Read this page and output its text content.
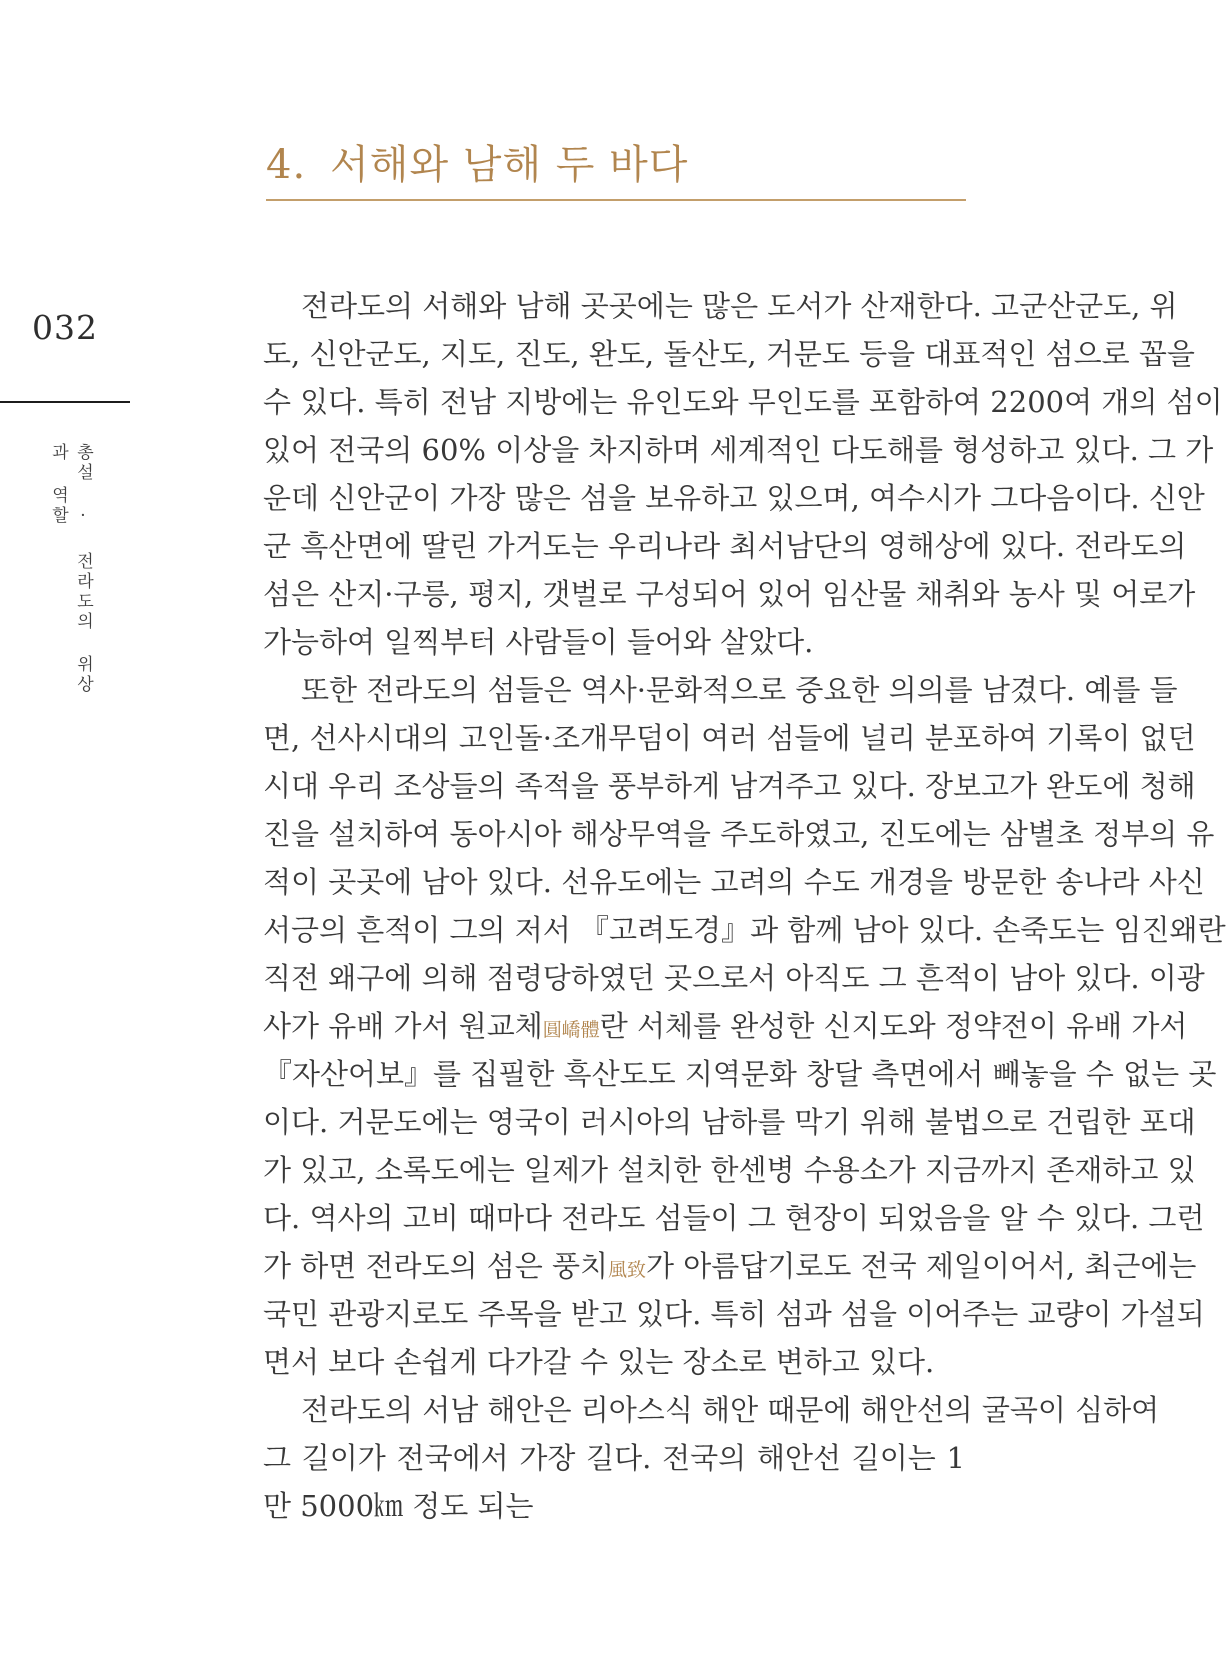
4. 서해와 남해 두 바다
032
총설 · 전라도의 위상과 역할
전라도의 서해와 남해 곳곳에는 많은 도서가 산재한다. 고군산군도, 위
도, 신안군도, 지도, 진도, 완도, 돌산도, 거문도 등을 대표적인 섬으로 꼽을
수 있다. 특히 전남 지방에는 유인도와 무인도를 포함하여 2200여 개의 섬이
있어 전국의 60% 이상을 차지하며 세계적인 다도해를 형성하고 있다. 그 가
운데 신안군이 가장 많은 섬을 보유하고 있으며, 여수시가 그다음이다. 신안
군 흑산면에 딸린 가거도는 우리나라 최서남단의 영해상에 있다. 전라도의
섬은 산지·구릉, 평지, 갯벌로 구성되어 있어 임산물 채취와 농사 및 어로가
가능하여 일찍부터 사람들이 들어와 살았다.
또한 전라도의 섬들은 역사·문화적으로 중요한 의의를 남겼다. 예를 들
면, 선사시대의 고인돌·조개무덤이 여러 섬들에 널리 분포하여 기록이 없던
시대 우리 조상들의 족적을 풍부하게 남겨주고 있다. 장보고가 완도에 청해
진을 설치하여 동아시아 해상무역을 주도하였고, 진도에는 삼별초 정부의 유
적이 곳곳에 남아 있다. 선유도에는 고려의 수도 개경을 방문한 송나라 사신
서긍의 흔적이 그의 저서 『고려도경』과 함께 남아 있다. 손죽도는 임진왜란
직전 왜구에 의해 점령당하였던 곳으로서 아직도 그 흔적이 남아 있다. 이광
사가 유배 가서 원교체圓嶠體란 서체를 완성한 신지도와 정약전이 유배 가서
『자산어보』를 집필한 흑산도도 지역문화 창달 측면에서 빼놓을 수 없는 곳
이다. 거문도에는 영국이 러시아의 남하를 막기 위해 불법으로 건립한 포대
가 있고, 소록도에는 일제가 설치한 한센병 수용소가 지금까지 존재하고 있
다. 역사의 고비 때마다 전라도 섬들이 그 현장이 되었음을 알 수 있다. 그런
가 하면 전라도의 섬은 풍치風致가 아름답기로도 전국 제일이어서, 최근에는
국민 관광지로도 주목을 받고 있다. 특히 섬과 섬을 이어주는 교량이 가설되
면서 보다 손쉽게 다가갈 수 있는 장소로 변하고 있다.
전라도의 서남 해안은 리아스식 해안 때문에 해안선의 굴곡이 심하여
그 길이가 전국에서 가장 길다. 전국의 해안선 길이는 1만 5000㎞ 정도 되는
